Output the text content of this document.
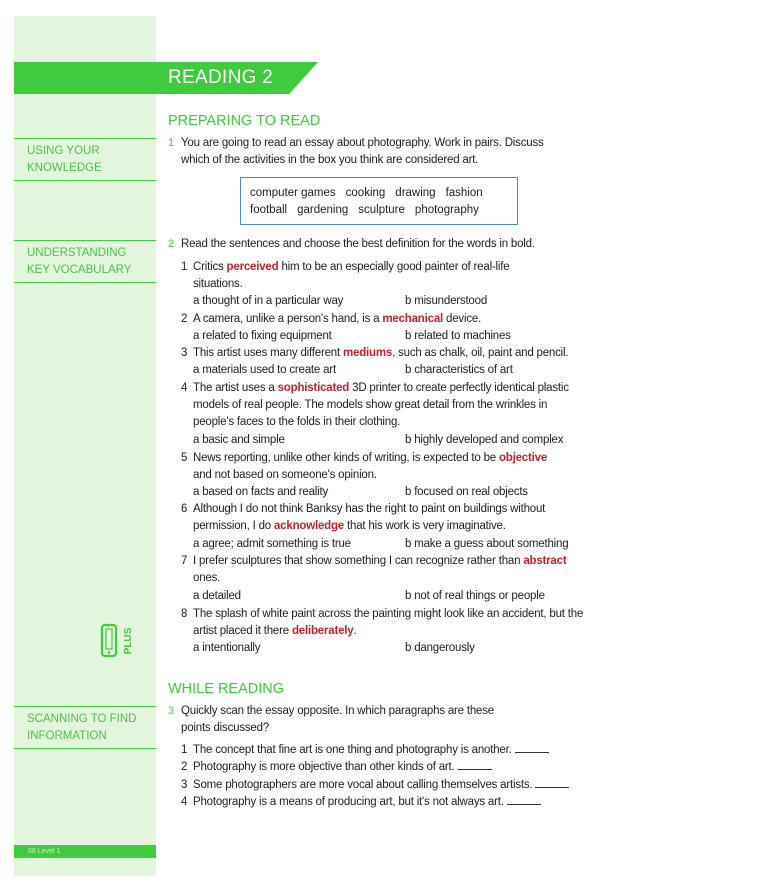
READING 2
USING YOUR
KNOWLEDGE
UNDERSTANDING
KEY VOCABULARY
SCANNING TO FIND
INFORMATION
PLUS
68 Level 1
PREPARING TO READ
1 You are going to read an essay about photography. Work in pairs. Discuss
which of the activities in the box you think are considered art.
computer games cooking drawing fashion
football gardening sculpture photography
2 Read the sentences and choose the best definition for the words in bold.
1 Critics perceived him to be an especially good painter of real-life situations.
a thought of in a particular way	b misunderstood
2 A camera, unlike a person's hand, is a mechanical device.
a related to fixing equipment	b related to machines
3 This artist uses many different mediums, such as chalk, oil, paint and pencil.
a materials used to create art	b characteristics of art
4 The artist uses a sophisticated 3D printer to create perfectly identical plastic models of real people. The models show great detail from the wrinkles in people's faces to the folds in their clothing.
a basic and simple	b highly developed and complex
5 News reporting, unlike other kinds of writing, is expected to be objective and not based on someone's opinion.
a based on facts and reality	b focused on real objects
6 Although I do not think Banksy has the right to paint on buildings without permission, I do acknowledge that his work is very imaginative.
a agree; admit something is true	b make a guess about something
7 I prefer sculptures that show something I can recognize rather than abstract ones.
a detailed	b not of real things or people
8 The splash of white paint across the painting might look like an accident, but the artist placed it there deliberately.
a intentionally	b dangerously
WHILE READING
3 Quickly scan the essay opposite. In which paragraphs are these
points discussed?
1 The concept that fine art is one thing and photography is another.
2 Photography is more objective than other kinds of art.
3 Some photographers are more vocal about calling themselves artists.
4 Photography is a means of producing art, but it's not always art.
